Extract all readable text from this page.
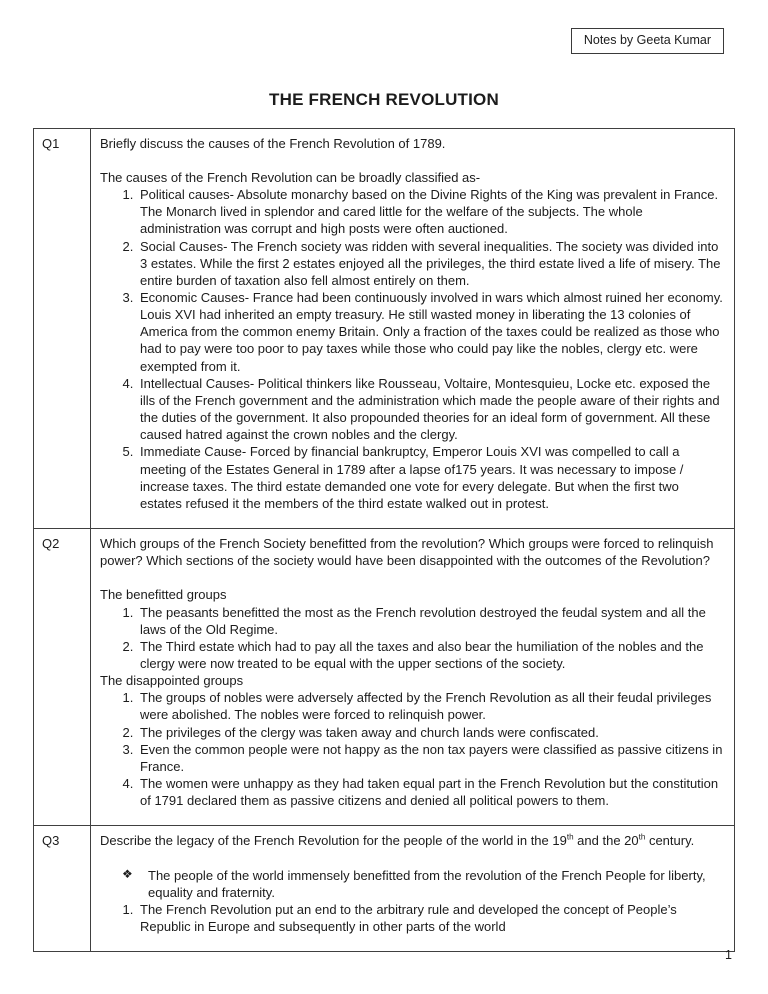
Notes by Geeta Kumar
THE FRENCH REVOLUTION
Q1	Briefly discuss the causes of the French Revolution of 1789.

The causes of the French Revolution can be broadly classified as-

1. Political causes- Absolute monarchy based on the Divine Rights of the King was prevalent in France. The Monarch lived in splendor and cared little for the welfare of the subjects. The whole administration was corrupt and high posts were often auctioned.
2. Social Causes- The French society was ridden with several inequalities. The society was divided into 3 estates. While the first 2 estates enjoyed all the privileges, the third estate lived a life of misery. The entire burden of taxation also fell almost entirely on them.
3. Economic Causes- France had been continuously involved in wars which almost ruined her economy. Louis XVI had inherited an empty treasury. He still wasted money in liberating the 13 colonies of America from the common enemy Britain. Only a fraction of the taxes could be realized as those who had to pay were too poor to pay taxes while those who could pay like the nobles, clergy etc. were exempted from it.
4. Intellectual Causes- Political thinkers like Rousseau, Voltaire, Montesquieu, Locke etc. exposed the ills of the French government and the administration which made the people aware of their rights and the duties of the government. It also propounded theories for an ideal form of government. All these caused hatred against the crown nobles and the clergy.
5. Immediate Cause- Forced by financial bankruptcy, Emperor Louis XVI was compelled to call a meeting of the Estates General in 1789 after a lapse of175 years. It was necessary to impose / increase taxes. The third estate demanded one vote for every delegate. But when the first two estates refused it the members of the third estate walked out in protest.

Q2	Which groups of the French Society benefitted from the revolution? Which groups were forced to relinquish power? Which sections of the society would have been disappointed with the outcomes of the Revolution?

The benefitted groups

1. The peasants benefitted the most as the French revolution destroyed the feudal system and all the laws of the Old Regime.
2. The Third estate which had to pay all the taxes and also bear the humiliation of the nobles and the clergy were now treated to be equal with the upper sections of the society.

The disappointed groups

1. The groups of nobles were adversely affected by the French Revolution as all their feudal privileges were abolished. The nobles were forced to relinquish power.
2. The privileges of the clergy was taken away and church lands were confiscated.
3. Even the common people were not happy as the non tax payers were classified as passive citizens in France.
4. The women were unhappy as they had taken equal part in the French Revolution but the constitution of 1791 declared them as passive citizens and denied all political powers to them.

Q3	Describe the legacy of the French Revolution for the people of the world in the 19th and the 20th century.

❖	The people of the world immensely benefitted from the revolution of the French People for liberty, equality and fraternity.
1. The French Revolution put an end to the arbitrary rule and developed the concept of People’s Republic in Europe and subsequently in other parts of the world
1
